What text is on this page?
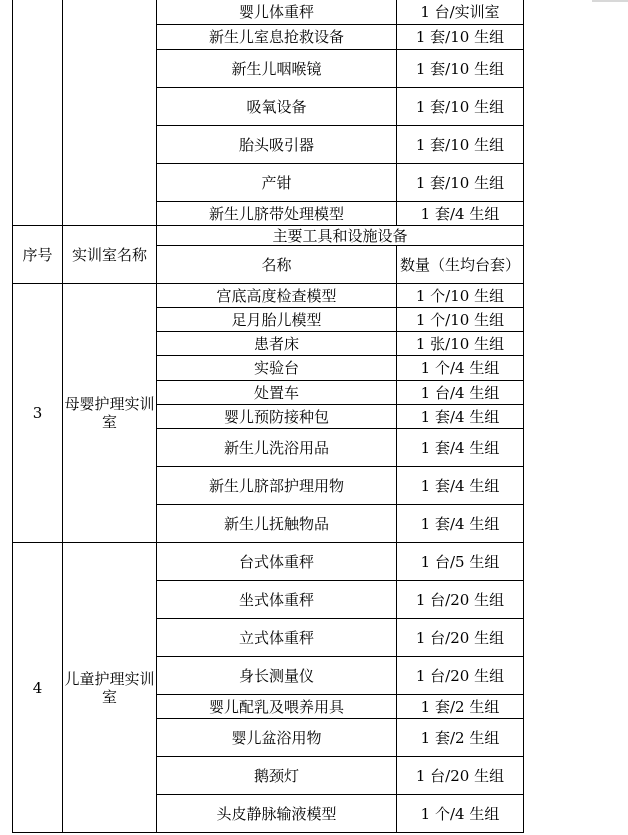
		婴儿体重秤	1 台/实训室
		新生儿室息抢救设备	1 套/10 生组
		新生儿咽喉镜	1 套/10 生组
		吸氧设备	1 套/10 生组
		胎头吸引器	1 套/10 生组
		产钳	1 套/10 生组
		新生儿脐带处理模型	1 套/4 生组
序号	实训室名称	主要工具和设施设备	
		名称	数量（生均台套）
3	母婴护理实训室	宫底高度检查模型	1 个/10 生组
		足月胎儿模型	1 个/10 生组
		患者床	1 张/10 生组
		实验台	1 个/4 生组
		处置车	1 台/4 生组
		婴儿预防接种包	1 套/4 生组
		新生儿洗浴用品	1 套/4 生组
		新生儿脐部护理用物	1 套/4 生组
		新生儿抚触物品	1 套/4 生组
4	儿童护理实训室	台式体重秤	1 台/5 生组
		坐式体重秤	1 台/20 生组
		立式体重秤	1 台/20 生组
		身长测量仪	1 台/20 生组
		婴儿配乳及喂养用具	1 套/2 生组
		婴儿盆浴用物	1 套/2 生组
		鹅颈灯	1 台/20 生组
		头皮静脉输液模型	1 个/4 生组
